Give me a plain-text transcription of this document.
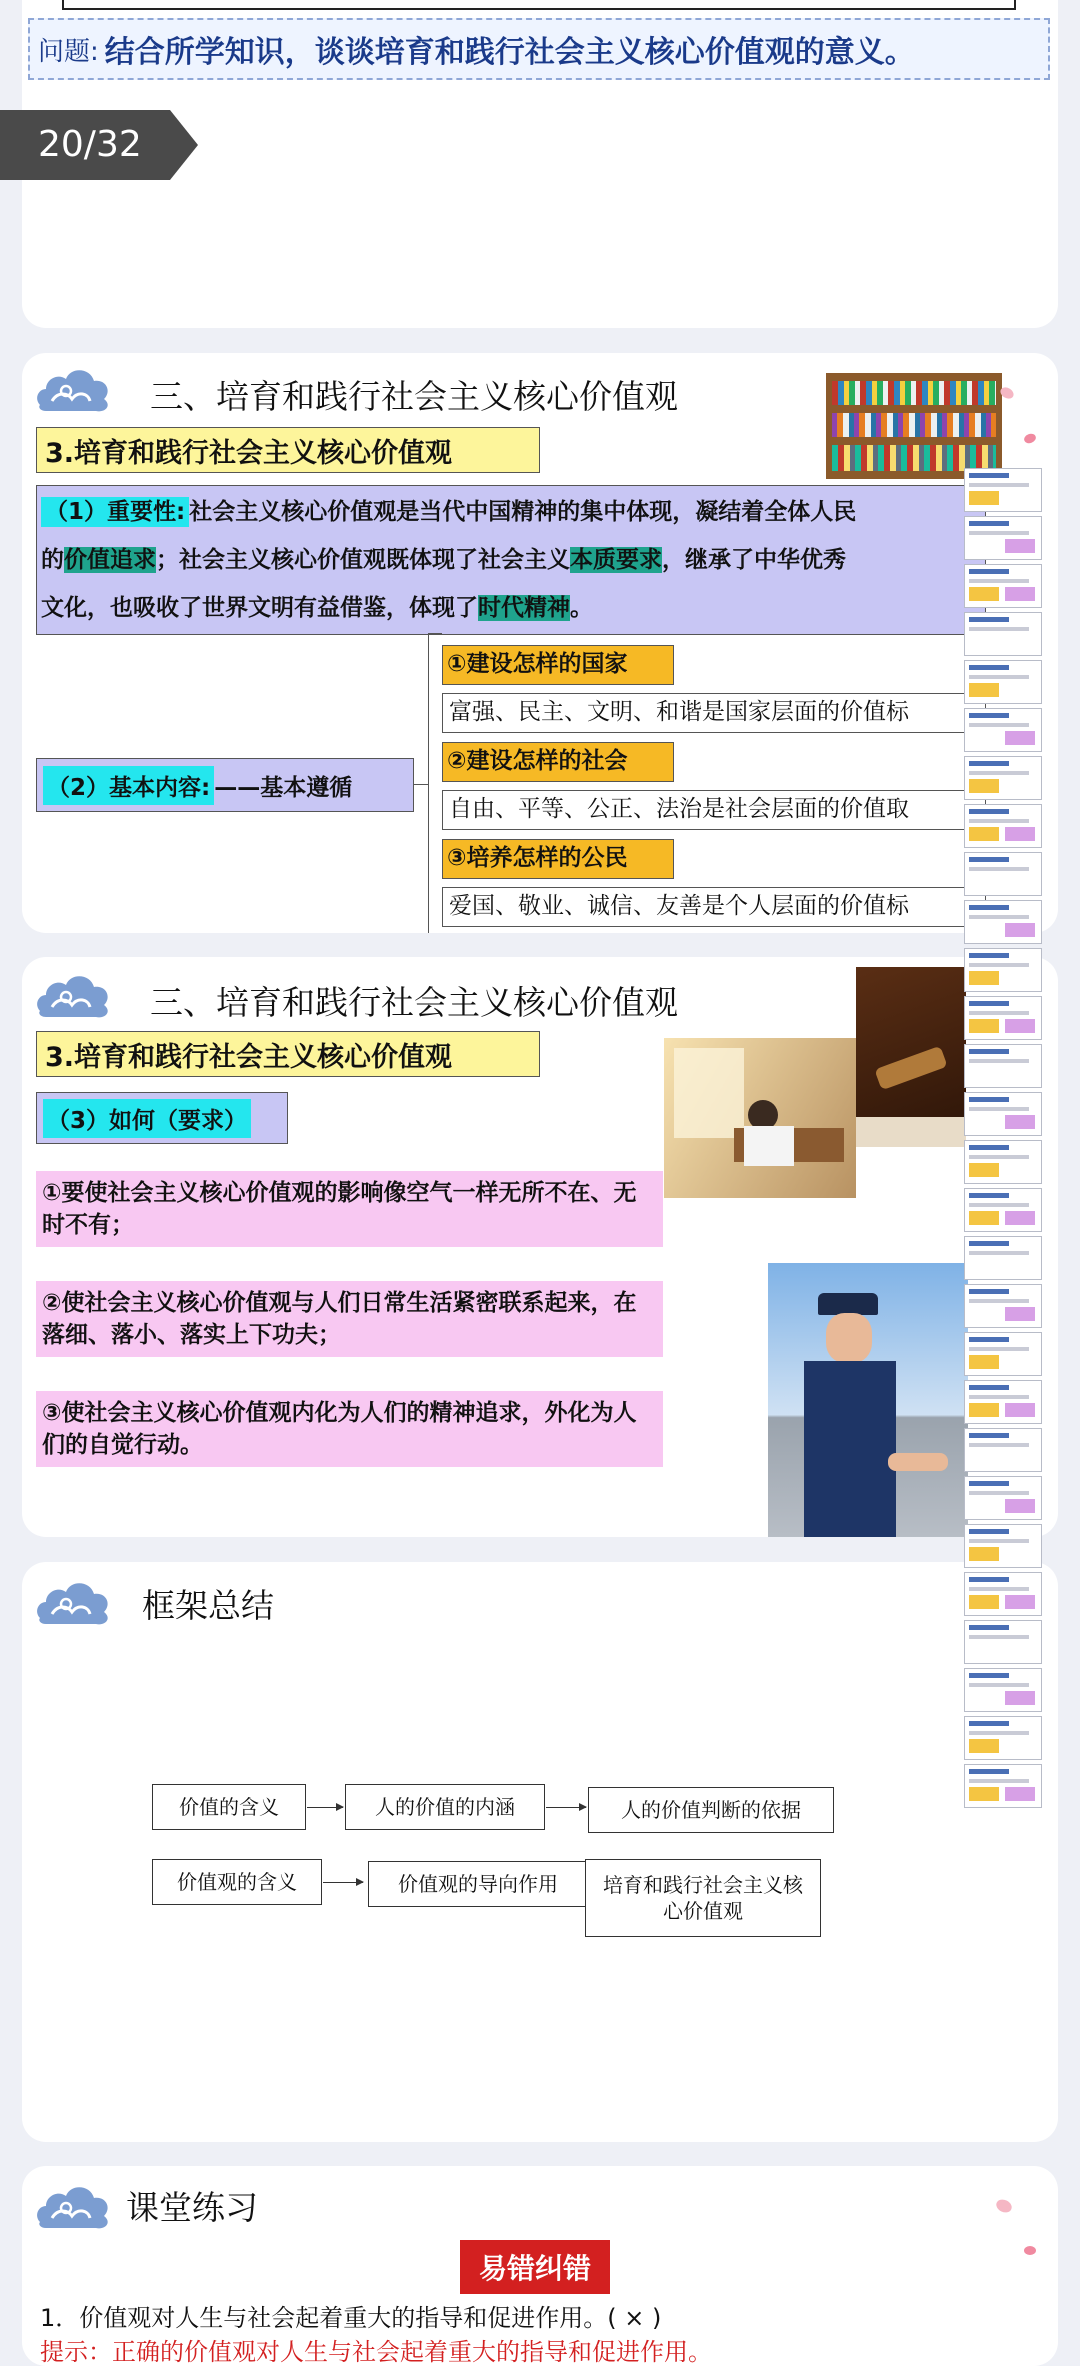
问题: 结合所学知识，谈谈培育和践行社会主义核心价值观的意义。
20/32
三、培育和践行社会主义核心价值观
3.培育和践行社会主义核心价值观
（1）重要性: 社会主义核心价值观是当代中国精神的集中体现，凝结着全体人民
的价值追求；社会主义核心价值观既体现了社会主义本质要求，继承了中华优秀
文化，也吸收了世界文明有益借鉴，体现了时代精神。
（2）基本内容: ——基本遵循
①建设怎样的国家
富强、民主、文明、和谐是国家层面的价值标
②建设怎样的社会
自由、平等、公正、法治是社会层面的价值取
③培养怎样的公民
爱国、敬业、诚信、友善是个人层面的价值标
三、培育和践行社会主义核心价值观
3.培育和践行社会主义核心价值观
（3）如何（要求）
①要使社会主义核心价值观的影响像空气一样无所不在、无时不有；
②使社会主义核心价值观与人们日常生活紧密联系起来，在落细、落小、落实上下功夫；
③使社会主义核心价值观内化为人们的精神追求，外化为人们的自觉行动。
框架总结
价值的含义	人的价值的内涵	人的价值判断的依据
价值观的含义	价值观的导向作用	培育和践行社会主义核心价值观
课堂练习
易错纠错
1．价值观对人生与社会起着重大的指导和促进作用。( × )
提示：正确的价值观对人生与社会起着重大的指导和促进作用。
